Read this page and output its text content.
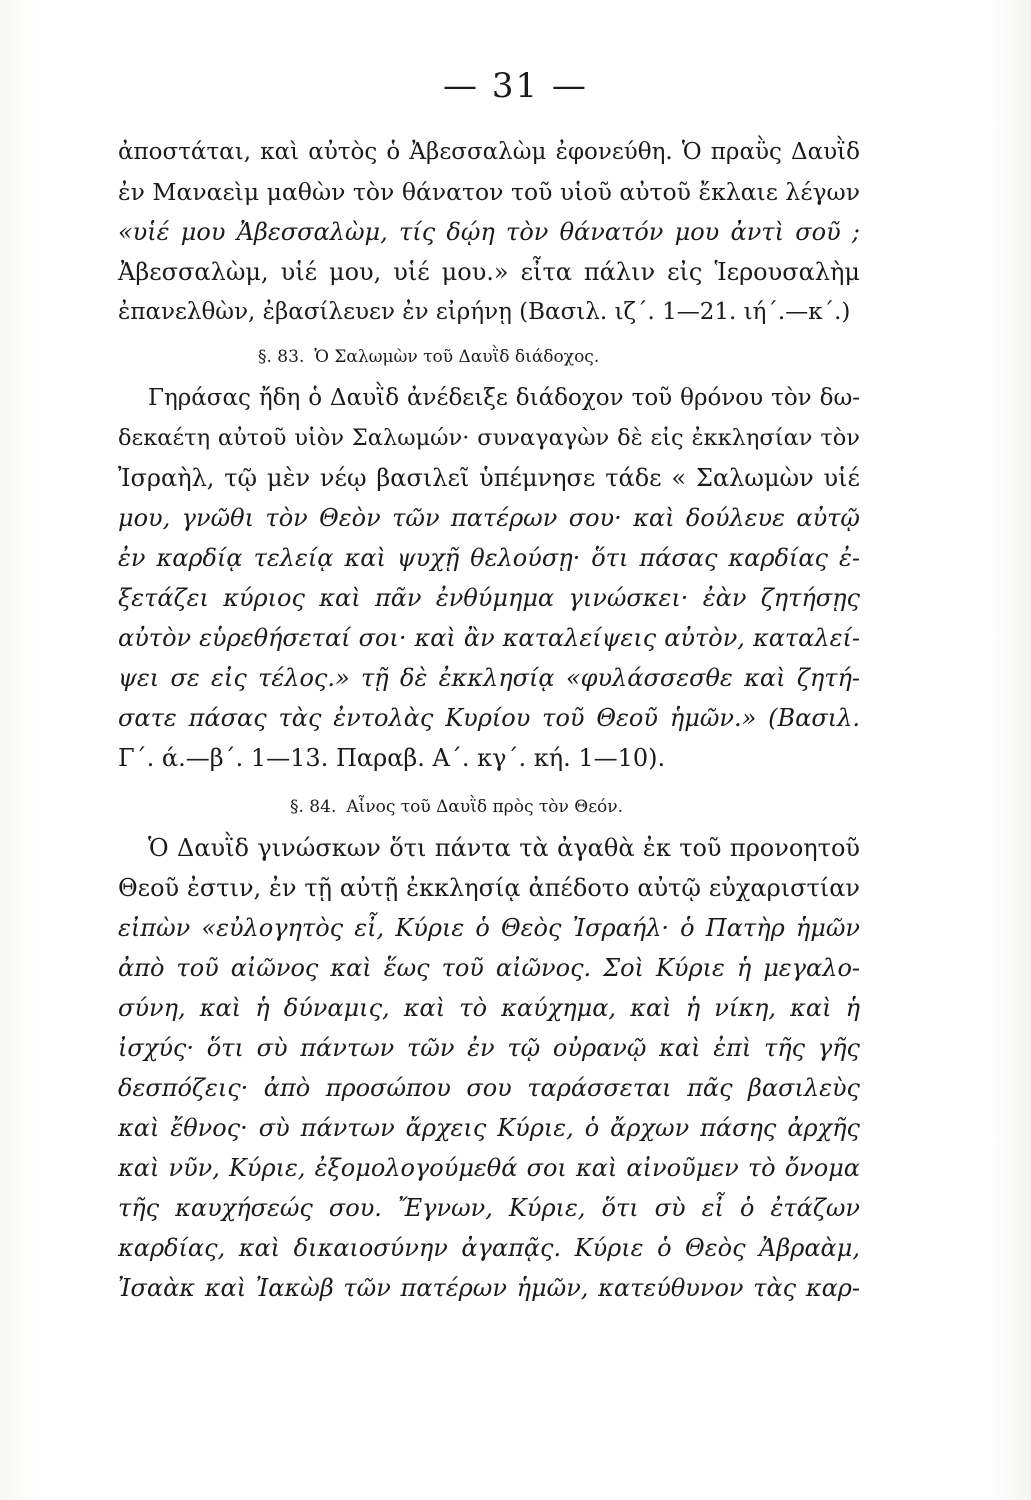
— 31 —
ἀποστάται, καὶ αὐτὸς ὁ Ἀβεσσαλὼμ ἐφονεύθη. Ὁ πραῢς Δαυῒδ
ἐν Μαναεὶμ μαθὼν τὸν θάνατον τοῦ υἱοῦ αὐτοῦ ἔκλαιε λέγων
«υἱέ μου Ἀβεσσαλὼμ, τίς δῴη τὸν θάνατόν μου ἀντὶ σοῦ ;
Ἀβεσσαλὼμ, υἱέ μου, υἱέ μου.» εἶτα πάλιν εἰς Ἱερουσαλὴμ
ἐπανελθὼν, ἐβασίλευεν ἐν εἰρήνῃ (Βασιλ. ιζ΄. 1—21. ιή΄.—κ΄.)
§. 83. Ὁ Σαλωμὼν τοῦ Δαυῒδ διάδοχος.
Γηράσας ἤδη ὁ Δαυῒδ ἀνέδειξε διάδοχον τοῦ θρόνου τὸν δω-
δεκαέτη αὐτοῦ υἱὸν Σαλωμών· συναγαγὼν δὲ εἰς ἐκκλησίαν τὸν
Ἰσραὴλ, τῷ μὲν νέῳ βασιλεῖ ὑπέμνησε τάδε « Σαλωμὼν υἱέ
μου, γνῶθι τὸν Θεὸν τῶν πατέρων σου· καὶ δούλευε αὐτῷ
ἐν καρδίᾳ τελείᾳ καὶ ψυχῇ θελούσῃ· ὅτι πάσας καρδίας ἐ-
ξετάζει κύριος καὶ πᾶν ἐνθύμημα γινώσκει· ἐὰν ζητήσῃς
αὐτὸν εὑρεθήσεταί σοι· καὶ ἂν καταλείψεις αὐτὸν, καταλεί-
ψει σε εἰς τέλος.» τῇ δὲ ἐκκλησίᾳ «φυλάσσεσθε καὶ ζητή-
σατε πάσας τὰς ἐντολὰς Κυρίου τοῦ Θεοῦ ἡμῶν.» (Βασιλ.
Γ΄. ά.—β΄. 1—13. Παραβ. Α΄. κγ΄. κή. 1—10).
§. 84. Αἶνος τοῦ Δαυῒδ πρὸς τὸν Θεόν.
Ὁ Δαυῒδ γινώσκων ὅτι πάντα τὰ ἀγαθὰ ἐκ τοῦ προνοητοῦ
Θεοῦ ἐστιν, ἐν τῇ αὐτῇ ἐκκλησίᾳ ἀπέδοτο αὐτῷ εὐχαριστίαν
εἰπὼν «εὐλογητὸς εἶ, Κύριε ὁ Θεὸς Ἰσραήλ· ὁ Πατὴρ ἡμῶν
ἀπὸ τοῦ αἰῶνος καὶ ἕως τοῦ αἰῶνος. Σοὶ Κύριε ἡ μεγαλο-
σύνη, καὶ ἡ δύναμις, καὶ τὸ καύχημα, καὶ ἡ νίκη, καὶ ἡ
ἰσχύς· ὅτι σὺ πάντων τῶν ἐν τῷ οὐρανῷ καὶ ἐπὶ τῆς γῆς
δεσπόζεις· ἀπὸ προσώπου σου ταράσσεται πᾶς βασιλεὺς
καὶ ἔθνος· σὺ πάντων ἄρχεις Κύριε, ὁ ἄρχων πάσης ἀρχῆς
καὶ νῦν, Κύριε, ἐξομολογούμεθά σοι καὶ αἰνοῦμεν τὸ ὄνομα
τῆς καυχήσεώς σου. Ἔγνων, Κύριε, ὅτι σὺ εἶ ὁ ἐτάζων
καρδίας, καὶ δικαιοσύνην ἀγαπᾷς. Κύριε ὁ Θεὸς Ἀβραὰμ,
Ἰσαὰκ καὶ Ἰακὼβ τῶν πατέρων ἡμῶν, κατεύθυνον τὰς καρ-
